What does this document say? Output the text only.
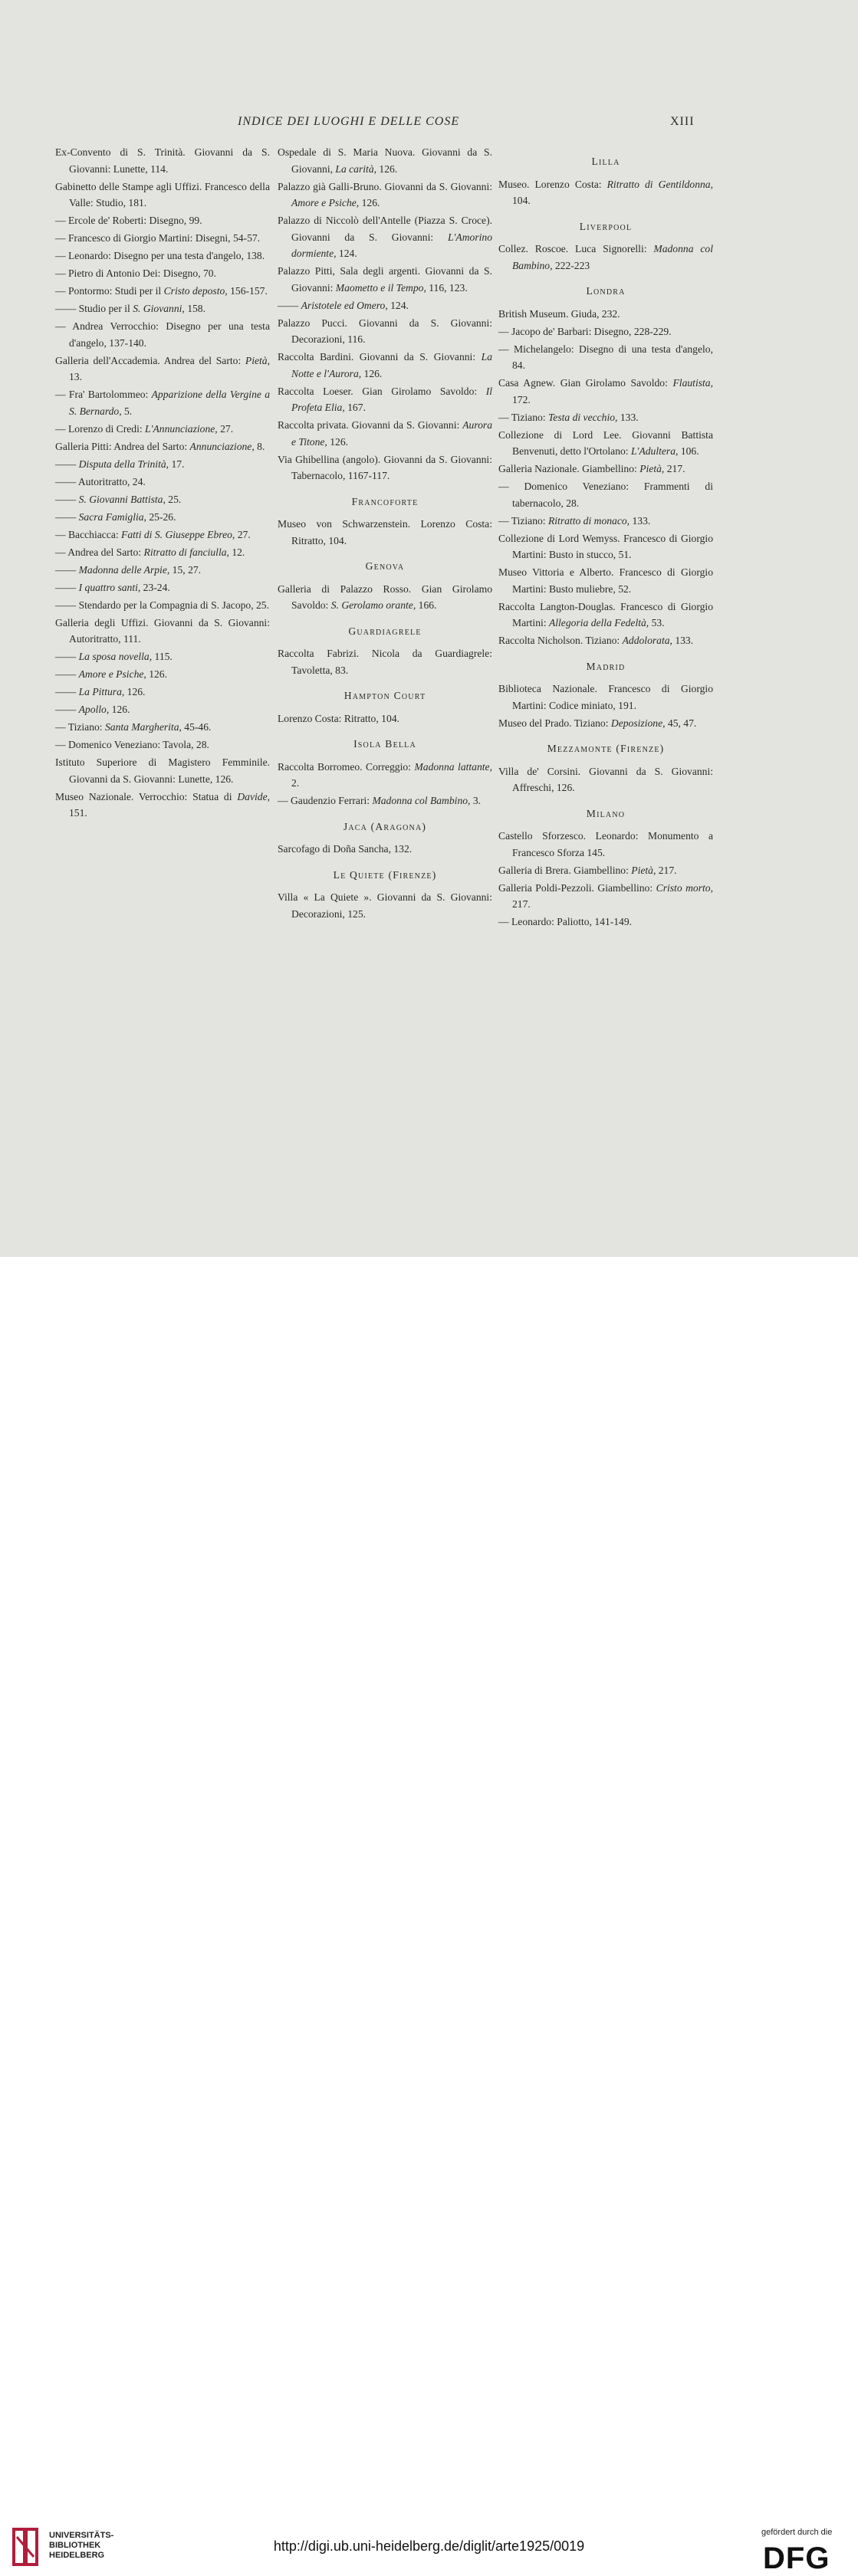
INDICE DEI LUOGHI E DELLE COSE	XIII
Ex-Convento di S. Trinità. Giovanni da S. Giovanni: Lunette, 114.
Gabinetto delle Stampe agli Uffizi. Francesco della Valle: Studio, 181.
— Ercole de' Roberti: Disegno, 99.
— Francesco di Giorgio Martini: Disegni, 54-57.
— Leonardo: Disegno per una testa d'angelo, 138.
— Pietro di Antonio Dei: Disegno, 70.
— Pontormo: Studi per il Cristo deposto, 156-157.
—— Studio per il S. Giovanni, 158.
— Andrea Verrocchio: Disegno per una testa d'angelo, 137-140.
Galleria dell'Accademia. Andrea del Sarto: Pietà, 13.
— Fra' Bartolommeo: Apparizione della Vergine a S. Bernardo, 5.
— Lorenzo di Credi: L'Annunciazione, 27.
Galleria Pitti: Andrea del Sarto: Annunciazione, 8.
—— Disputa della Trinità, 17.
—— Autoritratto, 24.
—— S. Giovanni Battista, 25.
—— Sacra Famiglia, 25-26.
— Bacchiacca: Fatti di S. Giuseppe Ebreo, 27.
— Andrea del Sarto: Ritratto di fanciulla, 12.
—— Madonna delle Arpie, 15, 27.
—— I quattro santi, 23-24.
—— Stendardo per la Compagnia di S. Jacopo, 25.
Galleria degli Uffizi. Giovanni da S. Giovanni: Autoritratto, 111.
—— La sposa novella, 115.
—— Amore e Psiche, 126.
—— La Pittura, 126.
—— Apollo, 126.
— Tiziano: Santa Margherita, 45-46.
— Domenico Veneziano: Tavola, 28.
Istituto Superiore di Magistero Femminile. Giovanni da S. Giovanni: Lunette, 126.
Museo Nazionale. Verrocchio: Statua di Davide, 151.
Ospedale di S. Maria Nuova. Giovanni da S. Giovanni, La carità, 126.
Palazzo già Galli-Bruno. Giovanni da S. Giovanni: Amore e Psiche, 126.
Palazzo di Niccolò dell'Antelle (Piazza S. Croce). Giovanni da S. Giovanni: L'Amorino dormiente, 124.
Palazzo Pitti, Sala degli argenti. Giovanni da S. Giovanni: Maometto e il Tempo, 116, 123.
—— Aristotele ed Omero, 124.
Palazzo Pucci. Giovanni da S. Giovanni: Decorazioni, 116.
Raccolta Bardini. Giovanni da S. Giovanni: La Notte e l'Aurora, 126.
Raccolta Loeser. Gian Girolamo Savoldo: Il Profeta Elia, 167.
Raccolta privata. Giovanni da S. Giovanni: Aurora e Titone, 126.
Via Ghibellina (angolo). Giovanni da S. Giovanni: Tabernacolo, 1167-117.
Francoforte
Museo von Schwarzenstein. Lorenzo Costa: Ritratto, 104.
Genova
Galleria di Palazzo Rosso. Gian Girolamo Savoldo: S. Gerolamo orante, 166.
Guardiagrele
Raccolta Fabrizi. Nicola da Guardiagrele: Tavoletta, 83.
Hampton Court
Lorenzo Costa: Ritratto, 104.
Isola Bella
Raccolta Borromeo. Correggio: Madonna lattante, 2.
— Gaudenzio Ferrari: Madonna col Bambino, 3.
Jaca (Aragona)
Sarcofago di Doña Sancha, 132.
Le Quiete (Firenze)
Villa « La Quiete ». Giovanni da S. Giovanni: Decorazioni, 125.
Lilla
Museo. Lorenzo Costa: Ritratto di Gentildonna, 104.
Liverpool
Collez. Roscoe. Luca Signorelli: Madonna col Bambino, 222-223
Londra
British Museum. Giuda, 232.
— Jacopo de' Barbari: Disegno, 228-229.
— Michelangelo: Disegno di una testa d'angelo, 84.
Casa Agnew. Gian Girolamo Savoldo: Flautista, 172.
— Tiziano: Testa di vecchio, 133.
Collezione di Lord Lee. Giovanni Battista Benvenuti, detto l'Ortolano: L'Adultera, 106.
Galleria Nazionale. Giambellino: Pietà, 217.
— Domenico Veneziano: Frammenti di tabernacolo, 28.
— Tiziano: Ritratto di monaco, 133.
Collezione di Lord Wemyss. Francesco di Giorgio Martini: Busto in stucco, 51.
Museo Vittoria e Alberto. Francesco di Giorgio Martini: Busto muliebre, 52.
Raccolta Langton-Douglas. Francesco di Giorgio Martini: Allegoria della Fedeltà, 53.
Raccolta Nicholson. Tiziano: Addolorata, 133.
Madrid
Biblioteca Nazionale. Francesco di Giorgio Martini: Codice miniato, 191.
Museo del Prado. Tiziano: Deposizione, 45, 47.
Mezzamonte (Firenze)
Villa de' Corsini. Giovanni da S. Giovanni: Affreschi, 126.
Milano
Castello Sforzesco. Leonardo: Monumento a Francesco Sforza 145.
Galleria di Brera. Giambellino: Pietà, 217.
Galleria Poldi-Pezzoli. Giambellino: Cristo morto, 217.
— Leonardo: Paliotto, 141-149.
UNIVERSITÄTS-
BIBLIOTHEK
HEIDELBERG
http://digi.ub.uni-heidelberg.de/diglit/arte1925/0019
gefördert durch die
DFG
